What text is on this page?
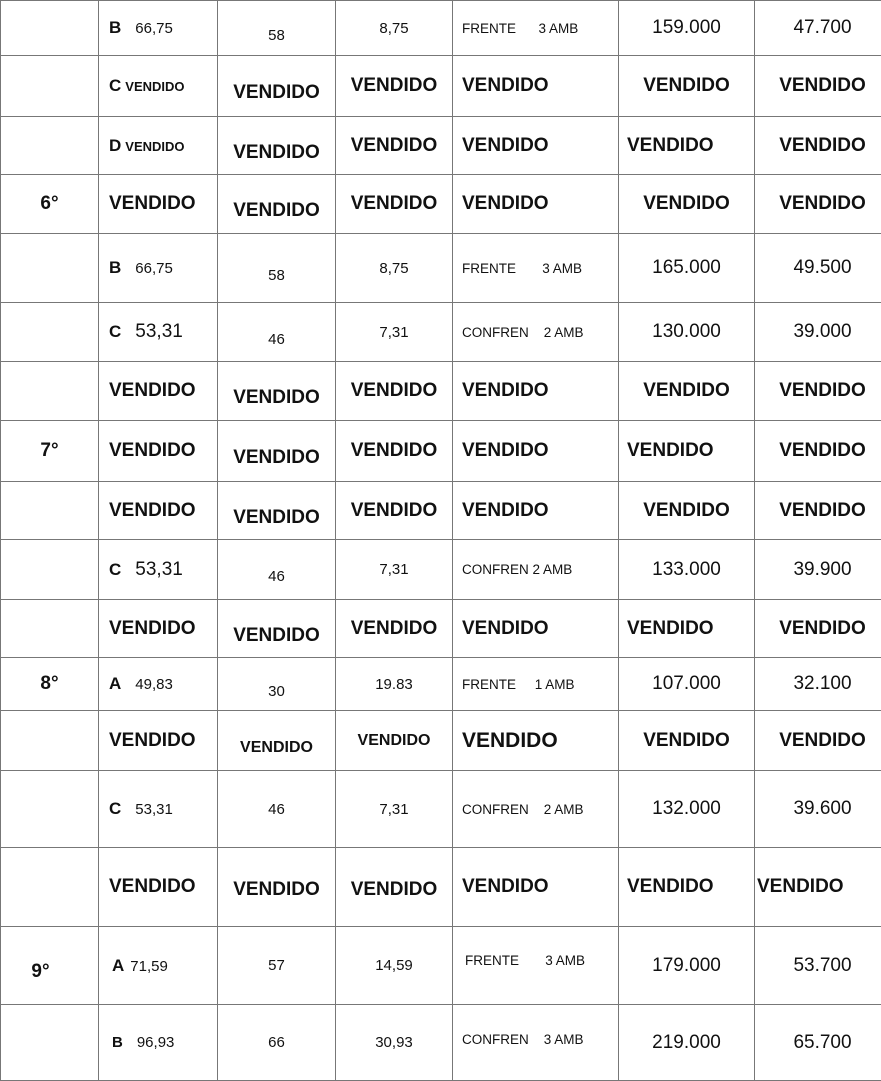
	B 66,75	58	8,75	FRENTE      3 AMB	159.000	47.700
	C VENDIDO	VENDIDO	VENDIDO	VENDIDO	VENDIDO	VENDIDO
	D VENDIDO	VENDIDO	VENDIDO	VENDIDO	VENDIDO	VENDIDO
6°	VENDIDO	VENDIDO	VENDIDO	VENDIDO	VENDIDO	VENDIDO
	B 66,75	58	8,75	FRENTE       3 AMB	165.000	49.500
	C 53,31	46	7,31	CONFREN    2 AMB	130.000	39.000
	VENDIDO	VENDIDO	VENDIDO	VENDIDO	VENDIDO	VENDIDO
7°	VENDIDO	VENDIDO	VENDIDO	VENDIDO	VENDIDO	VENDIDO
	VENDIDO	VENDIDO	VENDIDO	VENDIDO	VENDIDO	VENDIDO
	C 53,31	46	7,31	CONFREN 2 AMB	133.000	39.900
	VENDIDO	VENDIDO	VENDIDO	VENDIDO	VENDIDO	VENDIDO
8°	A 49,83	30	19.83	FRENTE     1 AMB	107.000	32.100
	VENDIDO	VENDIDO	VENDIDO	VENDIDO	VENDIDO	VENDIDO
	C 53,31	46	7,31	CONFREN    2 AMB	132.000	39.600
	VENDIDO	VENDIDO	VENDIDO	VENDIDO	VENDIDO	VENDIDO
9°	A 71,59	57	14,59	FRENTE       3 AMB	179.000	53.700
	B 96,93	66	30,93	CONFREN    3 AMB	219.000	65.700
